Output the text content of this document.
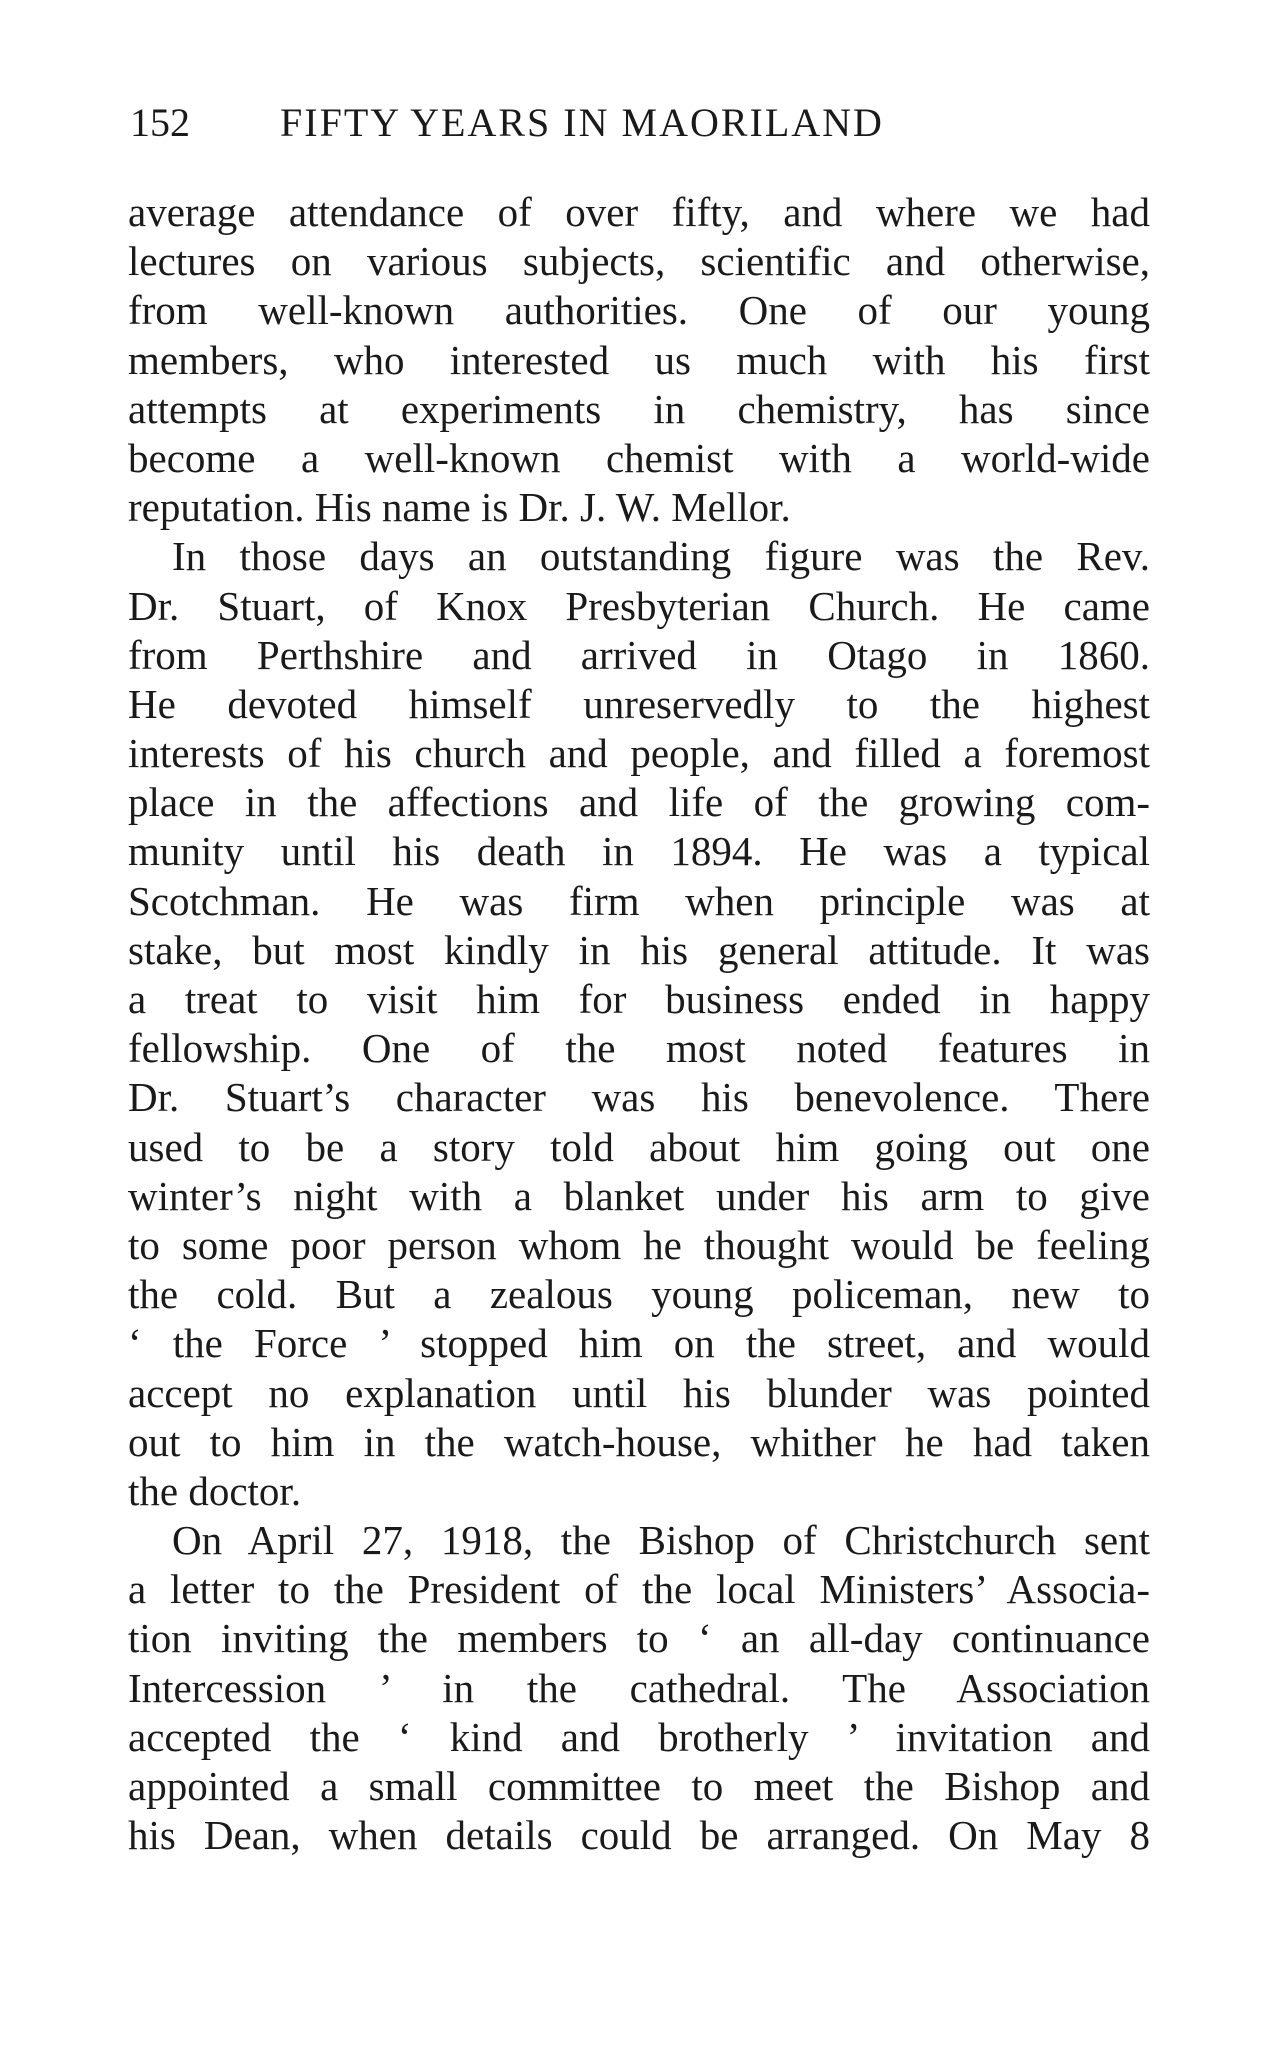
152 FIFTY YEARS IN MAORILAND
average attendance of over fifty, and where we had
lectures on various subjects, scientific and otherwise,
from well-known authorities. One of our young
members, who interested us much with his first
attempts at experiments in chemistry, has since
become a well-known chemist with a world-wide
reputation. His name is Dr. J. W. Mellor.
In those days an outstanding figure was the Rev.
Dr. Stuart, of Knox Presbyterian Church. He came
from Perthshire and arrived in Otago in 1860.
He devoted himself unreservedly to the highest
interests of his church and people, and filled a foremost
place in the affections and life of the growing com-
munity until his death in 1894. He was a typical
Scotchman. He was firm when principle was at
stake, but most kindly in his general attitude. It was
a treat to visit him for business ended in happy
fellowship. One of the most noted features in
Dr. Stuart’s character was his benevolence. There
used to be a story told about him going out one
winter’s night with a blanket under his arm to give
to some poor person whom he thought would be feeling
the cold. But a zealous young policeman, new to
‘ the Force ’ stopped him on the street, and would
accept no explanation until his blunder was pointed
out to him in the watch-house, whither he had taken
the doctor.
On April 27, 1918, the Bishop of Christchurch sent
a letter to the President of the local Ministers’ Associa-
tion inviting the members to ‘ an all-day continuance
Intercession ’ in the cathedral. The Association
accepted the ‘ kind and brotherly ’ invitation and
appointed a small committee to meet the Bishop and
his Dean, when details could be arranged. On May 8
